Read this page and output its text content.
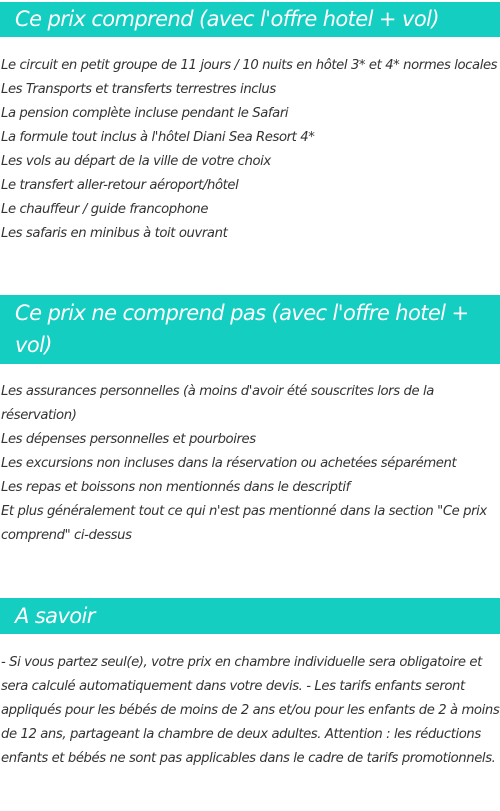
Ce prix comprend (avec l'offre hotel + vol)
Le circuit en petit groupe de 11 jours / 10 nuits en hôtel 3* et 4* normes locales
Les Transports et transferts terrestres inclus
La pension complète incluse pendant le Safari
La formule tout inclus à l'hôtel Diani Sea Resort 4*
Les vols au départ de la ville de votre choix
Le transfert aller-retour aéroport/hôtel
Le chauffeur / guide francophone
Les safaris en minibus à toit ouvrant
Ce prix ne comprend pas (avec l'offre hotel + vol)
Les assurances personnelles (à moins d'avoir été souscrites lors de la réservation)
Les dépenses personnelles et pourboires
Les excursions non incluses dans la réservation ou achetées séparément
Les repas et boissons non mentionnés dans le descriptif
Et plus généralement tout ce qui n'est pas mentionné dans la section "Ce prix comprend" ci-dessus
A savoir

- Si vous partez seul(e), votre prix en chambre individuelle sera obligatoire et sera calculé automatiquement dans votre devis. - Les tarifs enfants seront appliqués pour les bébés de moins de 2 ans et/ou pour les enfants de 2 à moins de 12 ans, partageant la chambre de deux adultes. Attention : les réductions enfants et bébés ne sont pas applicables dans le cadre de tarifs promotionnels.
